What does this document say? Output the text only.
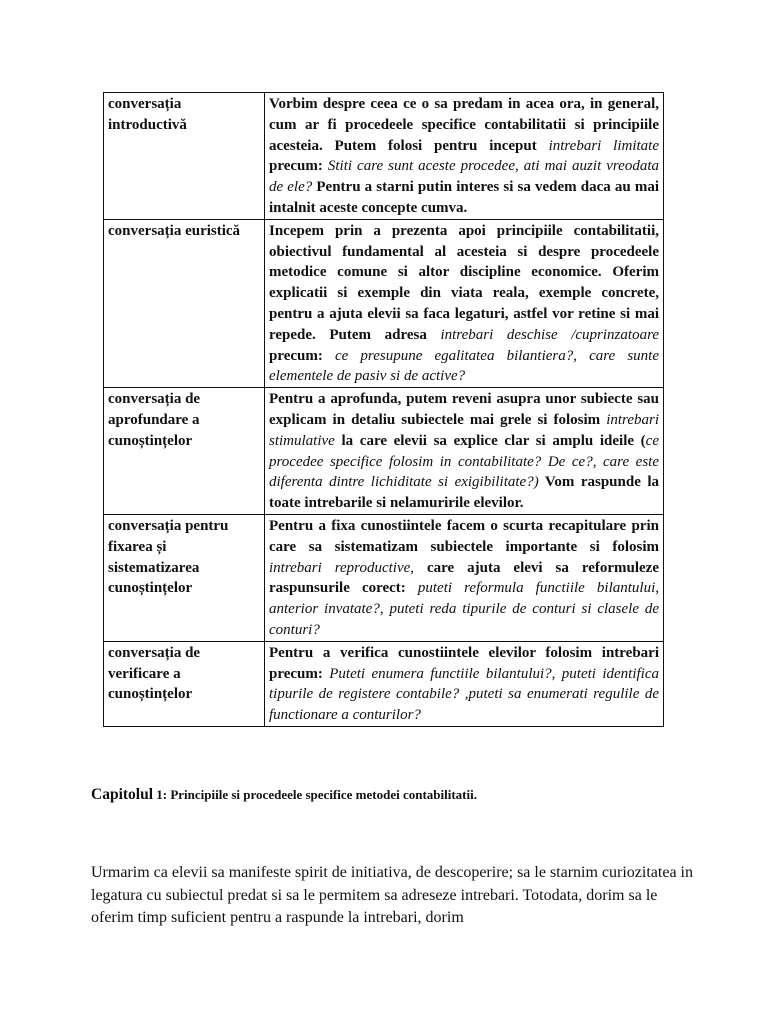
conversația introductivă	Vorbim despre ceea ce o sa predam in acea ora, in general, cum ar fi procedeele specifice contabilitatii si principiile acesteia. Putem folosi pentru inceput intrebari limitate precum: Stiti care sunt aceste procedee, ati mai auzit vreodata de ele? Pentru a starni putin interes si sa vedem daca au mai intalnit aceste concepte cumva.
conversația euristică	Incepem prin a prezenta apoi principiile contabilitatii, obiectivul fundamental al acesteia si despre procedeele metodice comune si altor discipline economice. Oferim explicatii si exemple din viata reala, exemple concrete, pentru a ajuta elevii sa faca legaturi, astfel vor retine si mai repede. Putem adresa intrebari deschise /cuprinzatoare precum: ce presupune egalitatea bilantiera?, care sunte elementele de pasiv si de active?
conversația de aprofundare a cunoștințelor	Pentru a aprofunda, putem reveni asupra unor subiecte sau explicam in detaliu subiectele mai grele si folosim intrebari stimulative la care elevii sa explice clar si amplu ideile (ce procedee specifice folosim in contabilitate? De ce?, care este diferenta dintre lichiditate si exigibilitate?) Vom raspunde la toate intrebarile si nelamuririle elevilor.
conversația pentru fixarea și sistematizarea cunoștințelor	Pentru a fixa cunostiintele facem o scurta recapitulare prin care sa sistematizam subiectele importante si folosim intrebari reproductive, care ajuta elevi sa reformuleze raspunsurile corect: puteti reformula functiile bilantului, anterior invatate?, puteti reda tipurile de conturi si clasele de conturi?
conversația de verificare a cunoștințelor	Pentru a verifica cunostiintele elevilor folosim intrebari precum: Puteti enumera functiile bilantului?, puteti identifica tipurile de registere contabile? ,puteti sa enumerati regulile de functionare a conturilor?
Capitolul 1: Principiile si procedeele specifice metodei contabilitatii.

Urmarim ca elevii sa manifeste spirit de initiativa, de descoperire; sa le starnim curiozitatea in legatura cu subiectul predat si sa le permitem sa adreseze intrebari. Totodata, dorim sa le oferim timp suficient pentru a raspunde la intrebari, dorim
